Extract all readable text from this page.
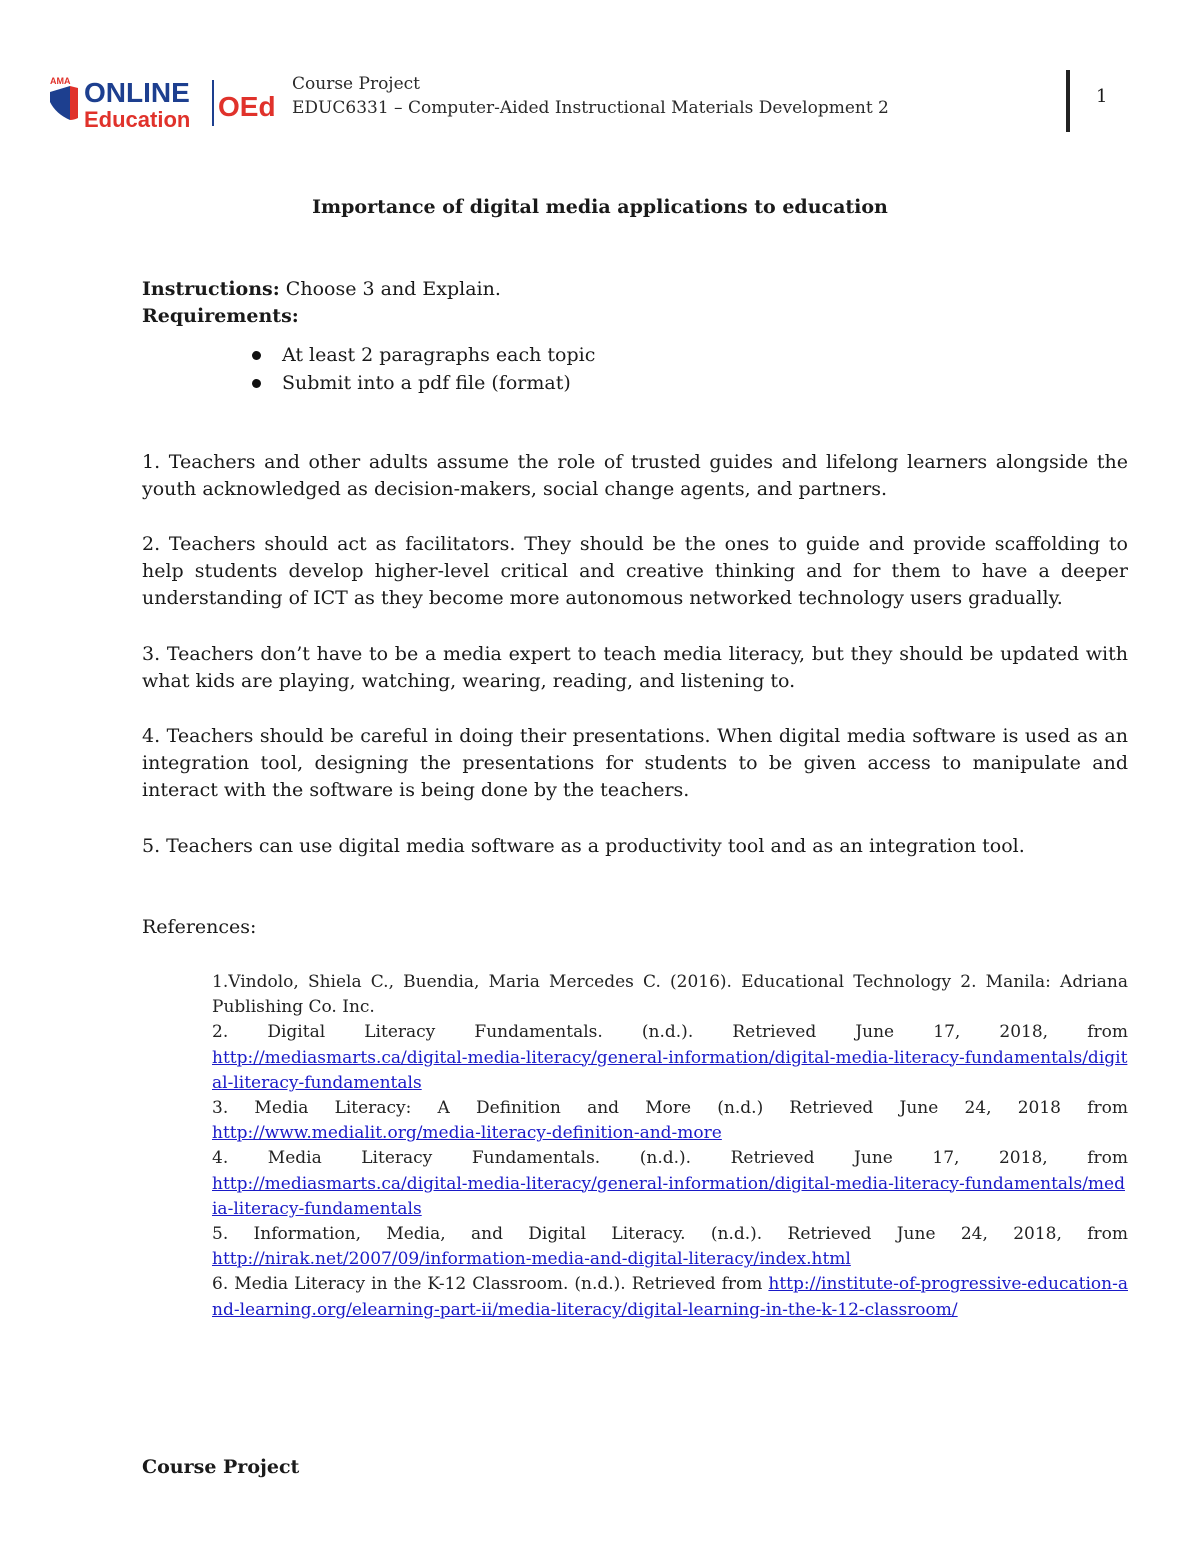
AMA ONLINE
Education OEd
Course Project
EDUC6331 – Computer-Aided Instructional Materials Development 2
1
Importance of digital media applications to education
Instructions: Choose 3 and Explain.
Requirements:
At least 2 paragraphs each topic
Submit into a pdf file (format)
1. Teachers and other adults assume the role of trusted guides and lifelong learners alongside the youth acknowledged as decision-makers, social change agents, and partners.
2. Teachers should act as facilitators. They should be the ones to guide and provide scaffolding to help students develop higher-level critical and creative thinking and for them to have a deeper understanding of ICT as they become more autonomous networked technology users gradually.
3. Teachers don’t have to be a media expert to teach media literacy, but they should be updated with what kids are playing, watching, wearing, reading, and listening to.
4. Teachers should be careful in doing their presentations. When digital media software is used as an integration tool, designing the presentations for students to be given access to manipulate and interact with the software is being done by the teachers.
5. Teachers can use digital media software as a productivity tool and as an integration tool.
References:
1.Vindolo, Shiela C., Buendia, Maria Mercedes C. (2016). Educational Technology 2. Manila: Adriana Publishing Co. Inc.
2. Digital Literacy Fundamentals. (n.d.). Retrieved June 17, 2018, from
http://mediasmarts.ca/digital-media-literacy/general-information/digital-media-literacy-fundamentals/digital-literacy-fundamentals
3. Media Literacy: A Definition and More (n.d.) Retrieved June 24, 2018 from
http://www.medialit.org/media-literacy-definition-and-more
4. Media Literacy Fundamentals. (n.d.). Retrieved June 17, 2018, from
http://mediasmarts.ca/digital-media-literacy/general-information/digital-media-literacy-fundamentals/media-literacy-fundamentals
5. Information, Media, and Digital Literacy. (n.d.). Retrieved June 24, 2018, from
http://nirak.net/2007/09/information-media-and-digital-literacy/index.html
6. Media Literacy in the K-12 Classroom. (n.d.). Retrieved from http://institute-of-progressive-education-and-learning.org/elearning-part-ii/media-literacy/digital-learning-in-the-k-12-classroom/
Course Project
